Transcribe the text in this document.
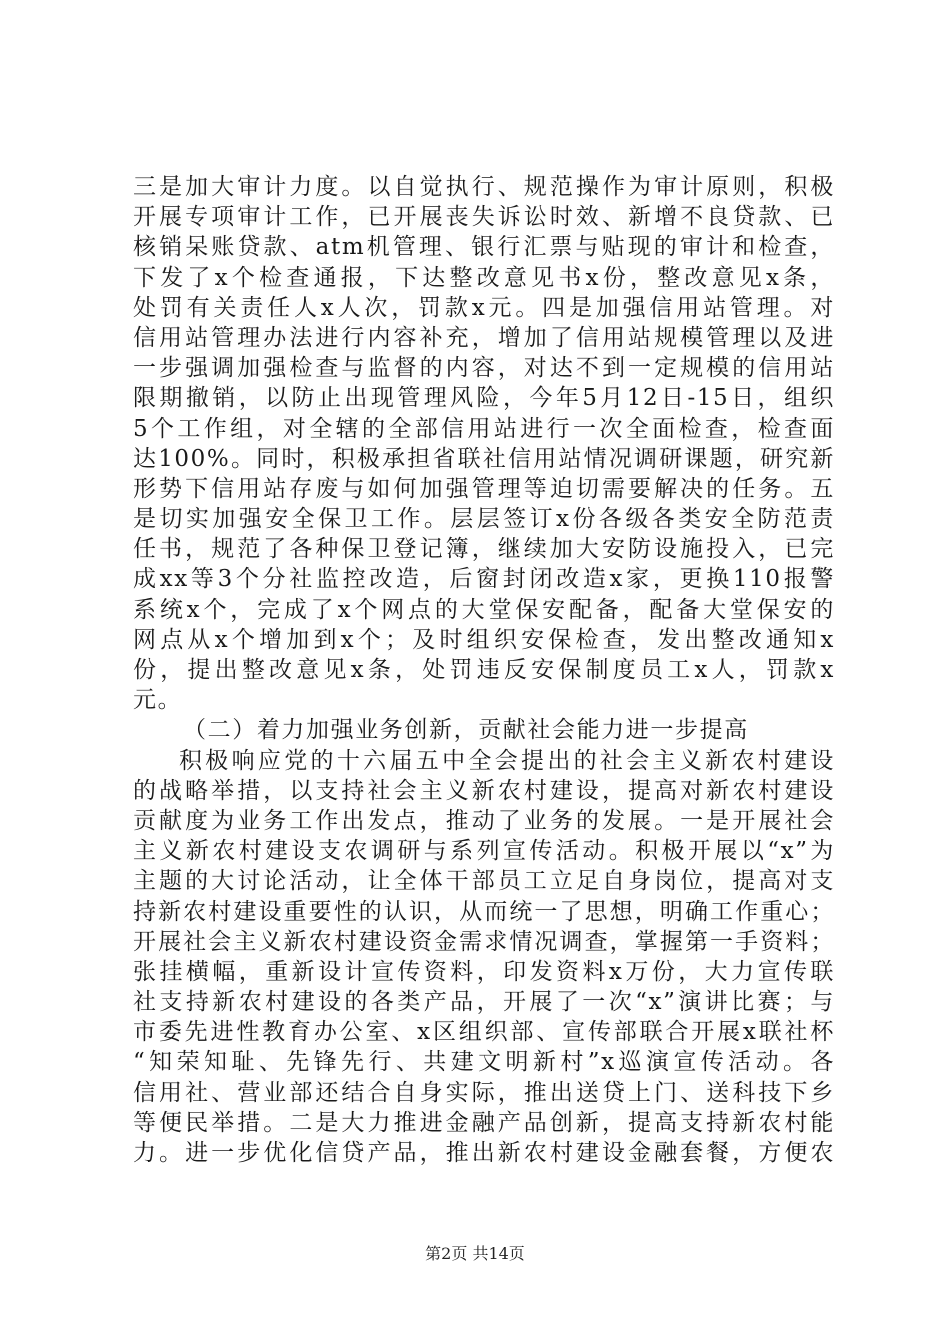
三是加大审计力度。以自觉执行、规范操作为审计原则，积极
开展专项审计工作，已开展丧失诉讼时效、新增不良贷款、已
核销呆账贷款、atm机管理、银行汇票与贴现的审计和检查，
下发了x个检查通报，下达整改意见书x份，整改意见x条，
处罚有关责任人x人次，罚款x元。四是加强信用站管理。对
信用站管理办法进行内容补充，增加了信用站规模管理以及进
一步强调加强检查与监督的内容，对达不到一定规模的信用站
限期撤销，以防止出现管理风险，今年5月12日-15日，组织
5个工作组，对全辖的全部信用站进行一次全面检查，检查面
达100%。同时，积极承担省联社信用站情况调研课题，研究新
形势下信用站存废与如何加强管理等迫切需要解决的任务。五
是切实加强安全保卫工作。层层签订x份各级各类安全防范责
任书，规范了各种保卫登记簿，继续加大安防设施投入，已完
成xx等3个分社监控改造，后窗封闭改造x家，更换110报警
系统x个，完成了x个网点的大堂保安配备，配备大堂保安的
网点从x个增加到x个；及时组织安保检查，发出整改通知x
份，提出整改意见x条，处罚违反安保制度员工x人，罚款x
元。
（二）着力加强业务创新，贡献社会能力进一步提高
积极响应党的十六届五中全会提出的社会主义新农村建设
的战略举措，以支持社会主义新农村建设，提高对新农村建设
贡献度为业务工作出发点，推动了业务的发展。一是开展社会
主义新农村建设支农调研与系列宣传活动。积极开展以“x”为
主题的大讨论活动，让全体干部员工立足自身岗位，提高对支
持新农村建设重要性的认识，从而统一了思想，明确工作重心；
开展社会主义新农村建设资金需求情况调查，掌握第一手资料；
张挂横幅，重新设计宣传资料，印发资料x万份，大力宣传联
社支持新农村建设的各类产品，开展了一次“x”演讲比赛；与
市委先进性教育办公室、x区组织部、宣传部联合开展x联社杯
“知荣知耻、先锋先行、共建文明新村”x巡演宣传活动。各
信用社、营业部还结合自身实际，推出送贷上门、送科技下乡
等便民举措。二是大力推进金融产品创新，提高支持新农村能
力。进一步优化信贷产品，推出新农村建设金融套餐，方便农
第2页 共14页
